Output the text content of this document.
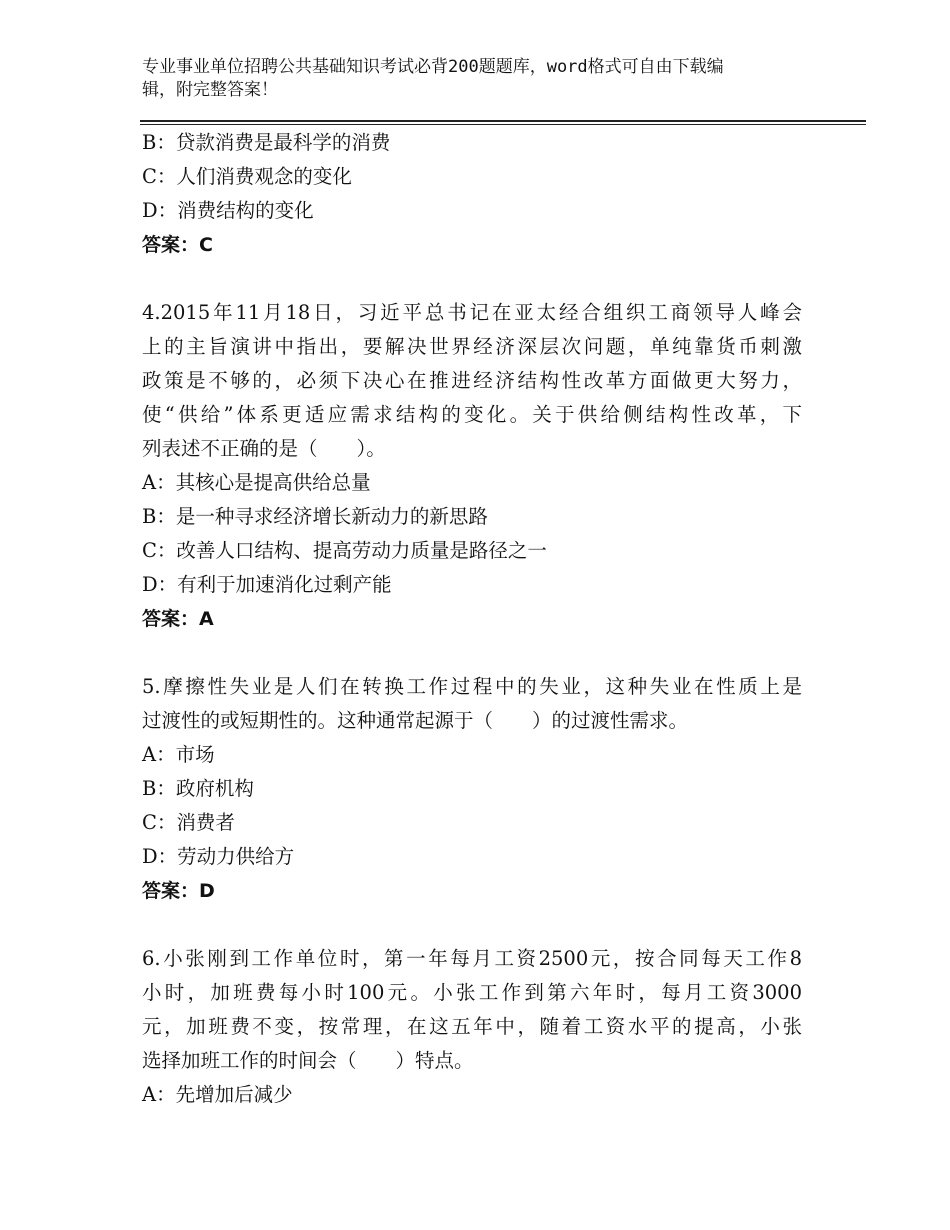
专业事业单位招聘公共基础知识考试必背200题题库，word格式可自由下载编
辑，附完整答案！
B：贷款消费是最科学的消费
C：人们消费观念的变化
D：消费结构的变化
答案：C
4.2015年11月18日，习近平总书记在亚太经合组织工商领导人峰会
上的主旨演讲中指出，要解决世界经济深层次问题，单纯靠货币刺激
政策是不够的，必须下决心在推进经济结构性改革方面做更大努力，
使“供给”体系更适应需求结构的变化。关于供给侧结构性改革，下
列表述不正确的是（　　）。
A：其核心是提高供给总量
B：是一种寻求经济增长新动力的新思路
C：改善人口结构、提高劳动力质量是路径之一
D：有利于加速消化过剩产能
答案：A
5.摩擦性失业是人们在转换工作过程中的失业，这种失业在性质上是
过渡性的或短期性的。这种通常起源于（　　）的过渡性需求。
A：市场
B：政府机构
C：消费者
D：劳动力供给方
答案：D
6.小张刚到工作单位时，第一年每月工资2500元，按合同每天工作8
小时，加班费每小时100元。小张工作到第六年时，每月工资3000
元，加班费不变，按常理，在这五年中，随着工资水平的提高，小张
选择加班工作的时间会（　　）特点。
A：先增加后减少
